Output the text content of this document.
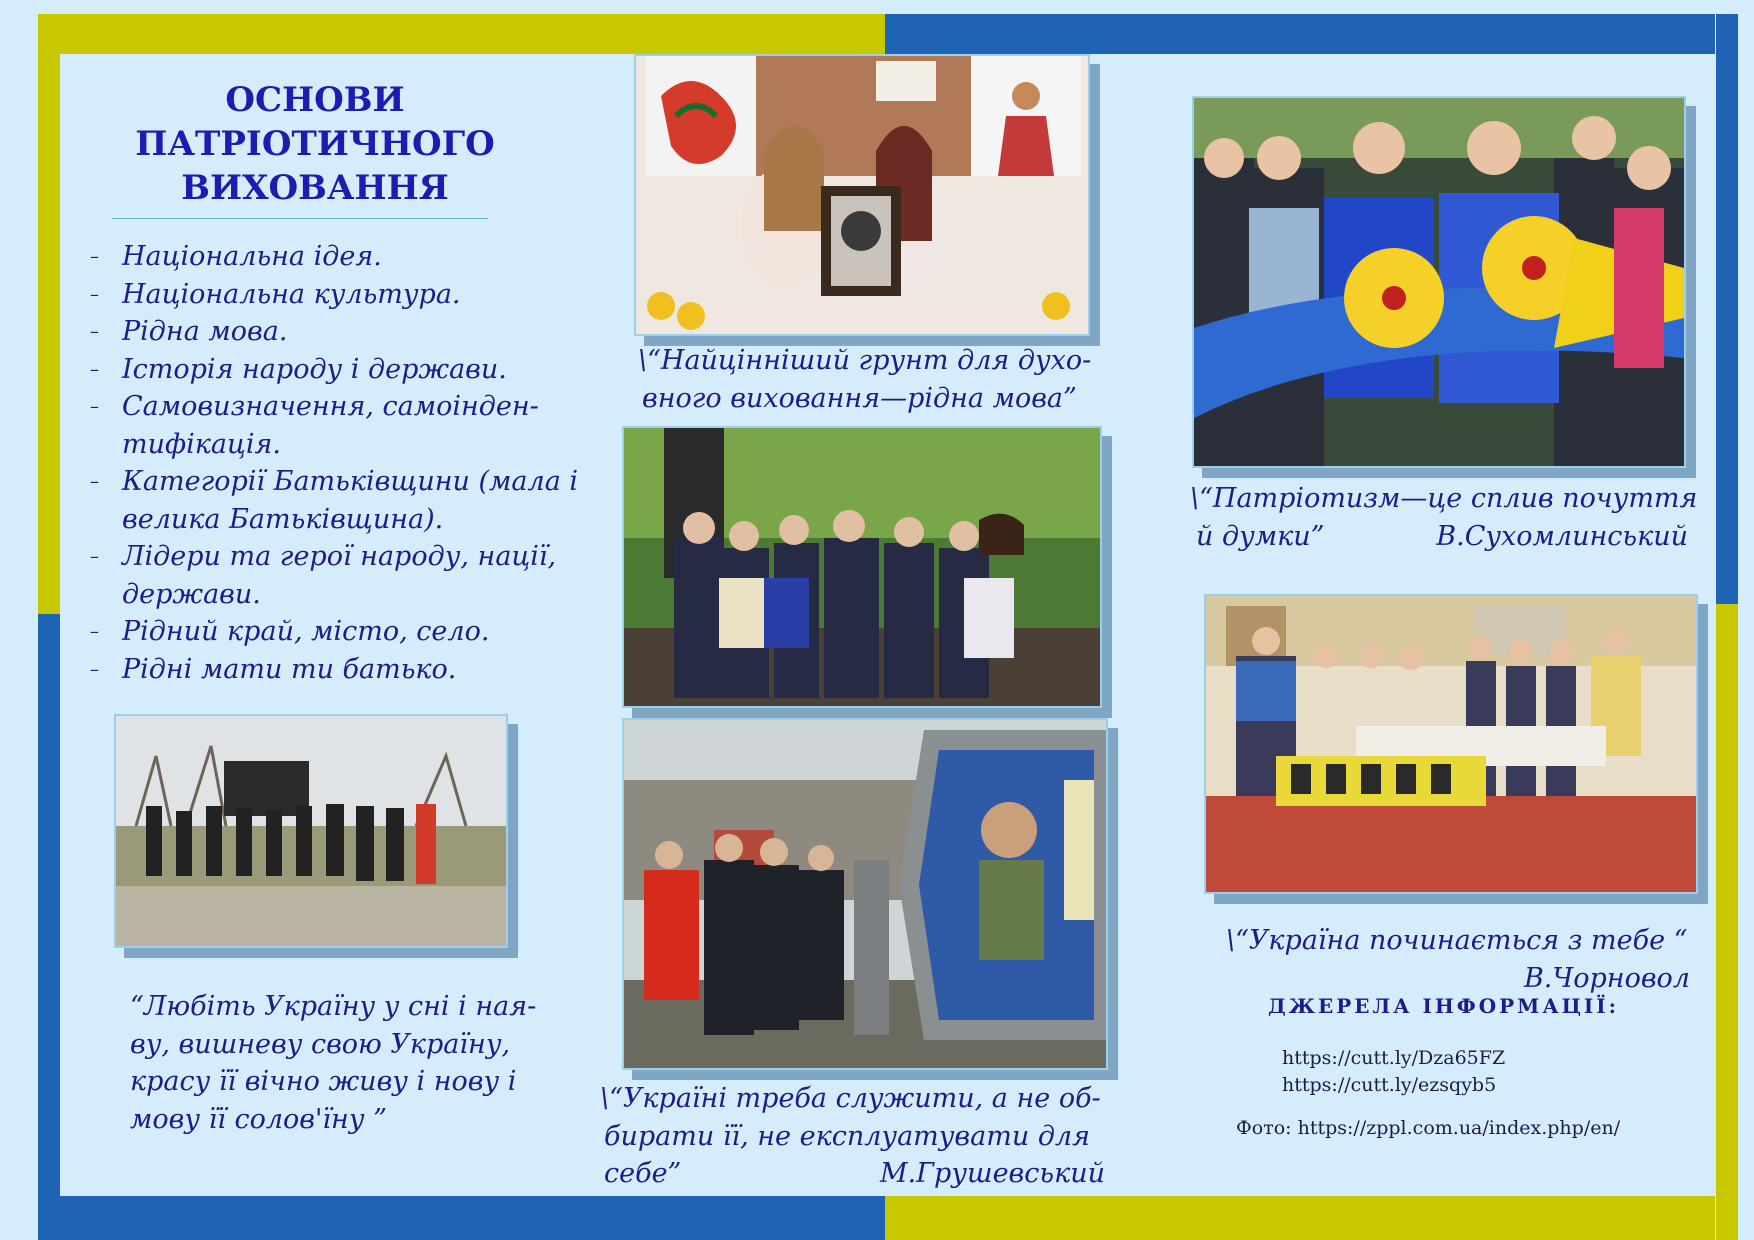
ОСНОВИ
ПАТРІОТИЧНОГО
ВИХОВАННЯ
– Національна ідея.
– Національна культура.
– Рідна мова.
– Історія народу і держави.
– Самовизначення, самоінден-тифікація.
– Категорії Батьківщини (мала і велика Батьківщина).
– Лідери та герої народу, нації, держави.
– Рідний край, місто, село.
– Рідні мати ти батько.
\“Найцінніший грунт для духо-
вного виховання—рідна мова”
\“Україні треба служити, а не об-
бирати її, не експлуатувати для
себе”	М.Грушевський
“Любіть Україну у сні і ная-
ву, вишневу свою Україну,
красу її вічно живу і нову і
мову її солов'їну ”
\“Патріотизм—це сплив почуття
й думки”	В.Сухомлинський
\“Україна починається з тебе “
В.Чорновол
ДЖЕРЕЛА ІНФОРМАЦІЇ:
https://cutt.ly/Dza65FZ
https://cutt.ly/ezsqyb5
Фото: https://zppl.com.ua/index.php/en/
